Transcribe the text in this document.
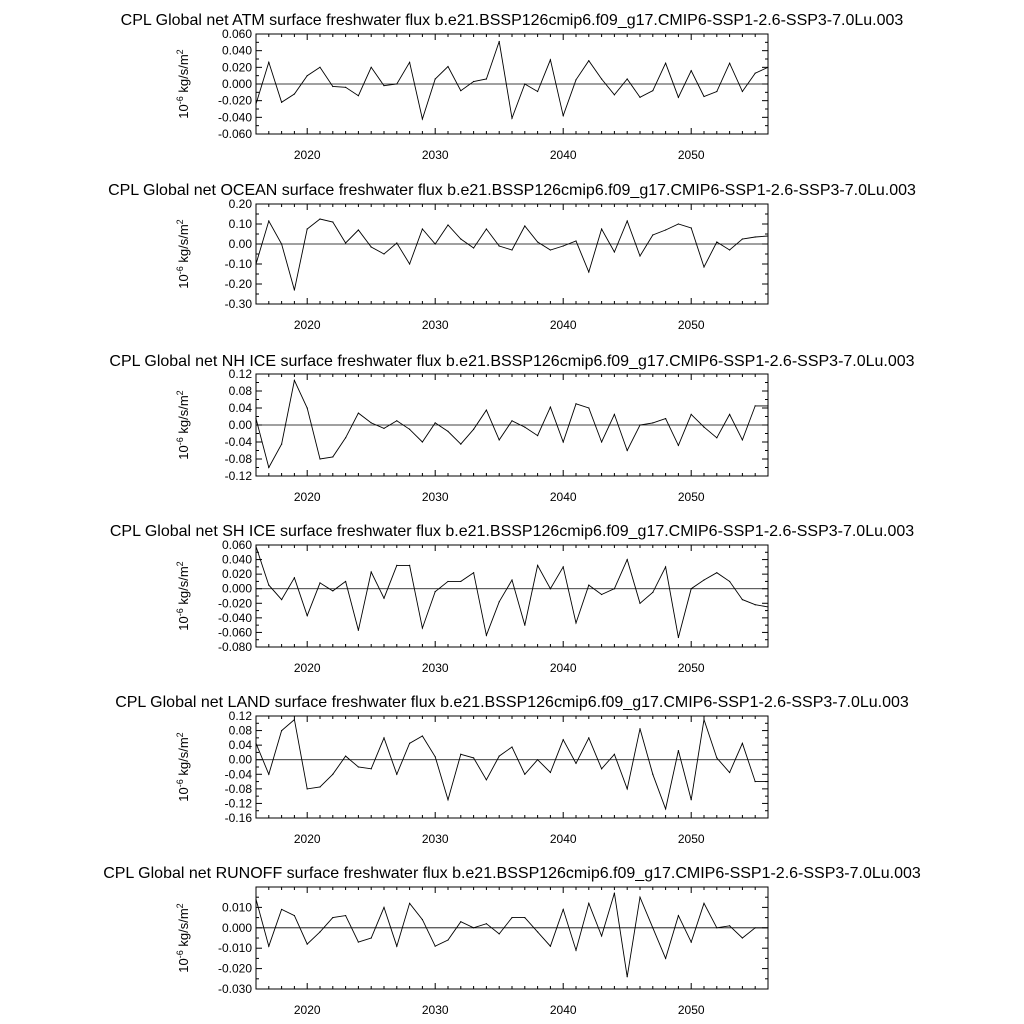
CPL Global net ATM surface freshwater flux b.e21.BSSP126cmip6.f09_g17.CMIP6-SSP1-2.6-SSP3-7.0Lu.003
2020	2030	2040	2050
0.060
0.040
0.020
0.000
-0.020
-0.040
-0.060
$10^{-6}$ $kg/s/m^2$
CPL Global net OCEAN surface freshwater flux b.e21.BSSP126cmip6.f09_g17.CMIP6-SSP1-2.6-SSP3-7.0Lu.003
2020	2030	2040	2050
0.20
0.10
0.00
-0.10
-0.20
-0.30
$10^{-6}$ $kg/s/m^2$
CPL Global net NH ICE surface freshwater flux b.e21.BSSP126cmip6.f09_g17.CMIP6-SSP1-2.6-SSP3-7.0Lu.003
2020	2030	2040	2050
0.12
0.08
0.04
0.00
-0.04
-0.08
-0.12
$10^{-6}$ $kg/s/m^2$
CPL Global net SH ICE surface freshwater flux b.e21.BSSP126cmip6.f09_g17.CMIP6-SSP1-2.6-SSP3-7.0Lu.003
2020	2030	2040	2050
0.060
0.040
0.020
0.000
-0.020
-0.040
-0.060
-0.080
$10^{-6}$ $kg/s/m^2$
CPL Global net LAND surface freshwater flux b.e21.BSSP126cmip6.f09_g17.CMIP6-SSP1-2.6-SSP3-7.0Lu.003
2020	2030	2040	2050
0.12
0.08
0.04
0.00
-0.04
-0.08
-0.12
-0.16
$10^{-6}$ $kg/s/m^2$
CPL Global net RUNOFF surface freshwater flux b.e21.BSSP126cmip6.f09_g17.CMIP6-SSP1-2.6-SSP3-7.0Lu.003
2020	2030	2040	2050
0.010
0.000
-0.010
-0.020
-0.030
$10^{-6}$ $kg/s/m^2$
